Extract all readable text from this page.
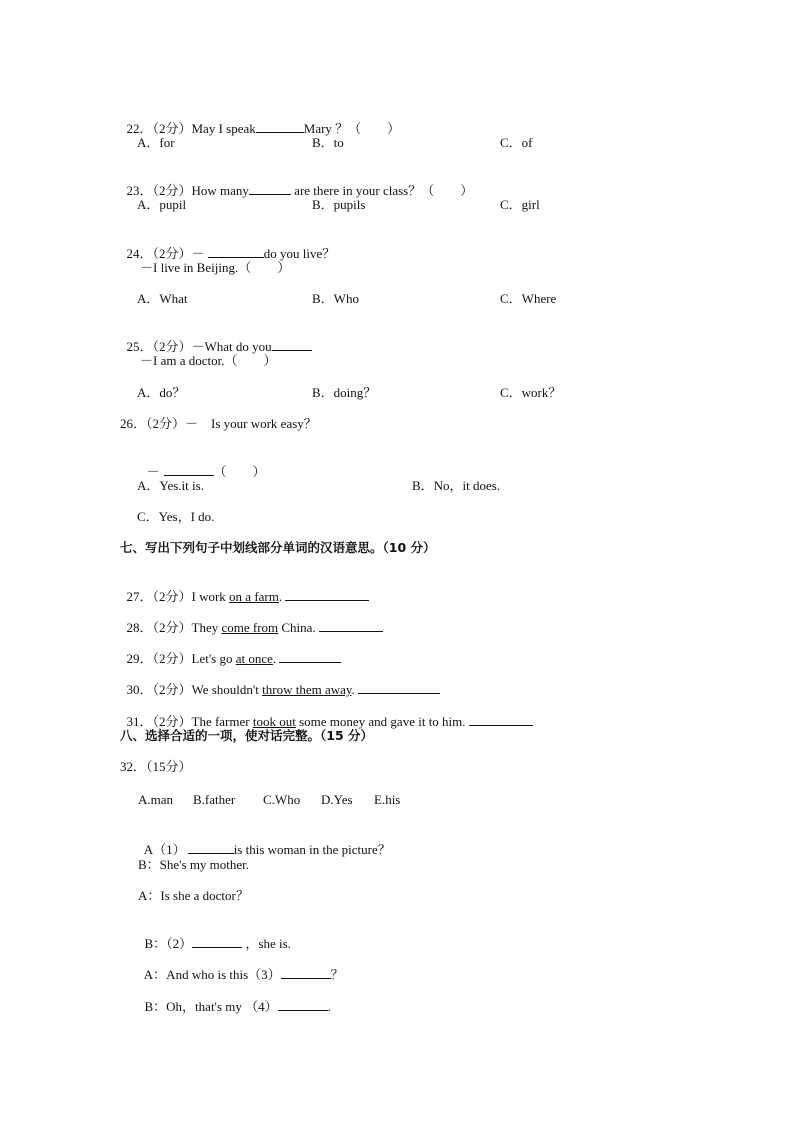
22．（2分）May I speak	Mary ？（　　）

A．for	B．to	C．of

23．（2分）How many	are there in your class？（　　）

A．pupil	B．pupils	C．girl

24．（2分）－	do you live？

－I live in Beijing.（　　）
A．What	B．Who	C．Where

25．（2分）－What do you

－I am a doctor.（　　）
A．do？	B．doing？	C．work？
26．（2分）－　Is your work easy？

－	（　　）

A．Yes.it is.	B．No，it does.
C．Yes，I do.
七、写出下列句子中划线部分单词的汉语意思。（10 分）

27．（2分）I work on a farm.

28．（2分）They come from China.

29．（2分）Let's go at once.

30．（2分）We shouldn't throw them away.

31．（2分）The farmer took out some money and gave it to him.

八、选择合适的一项，使对话完整。（15 分）
32．（15分）
A.man B.father C.Who D.Yes E.his

A（1）	is this woman in the picture？

B：She's my mother.
A：Is she a doctor？

B：（2）	，she is.

A：And who is this（3）	？

B：Oh，that's my （4）	.
